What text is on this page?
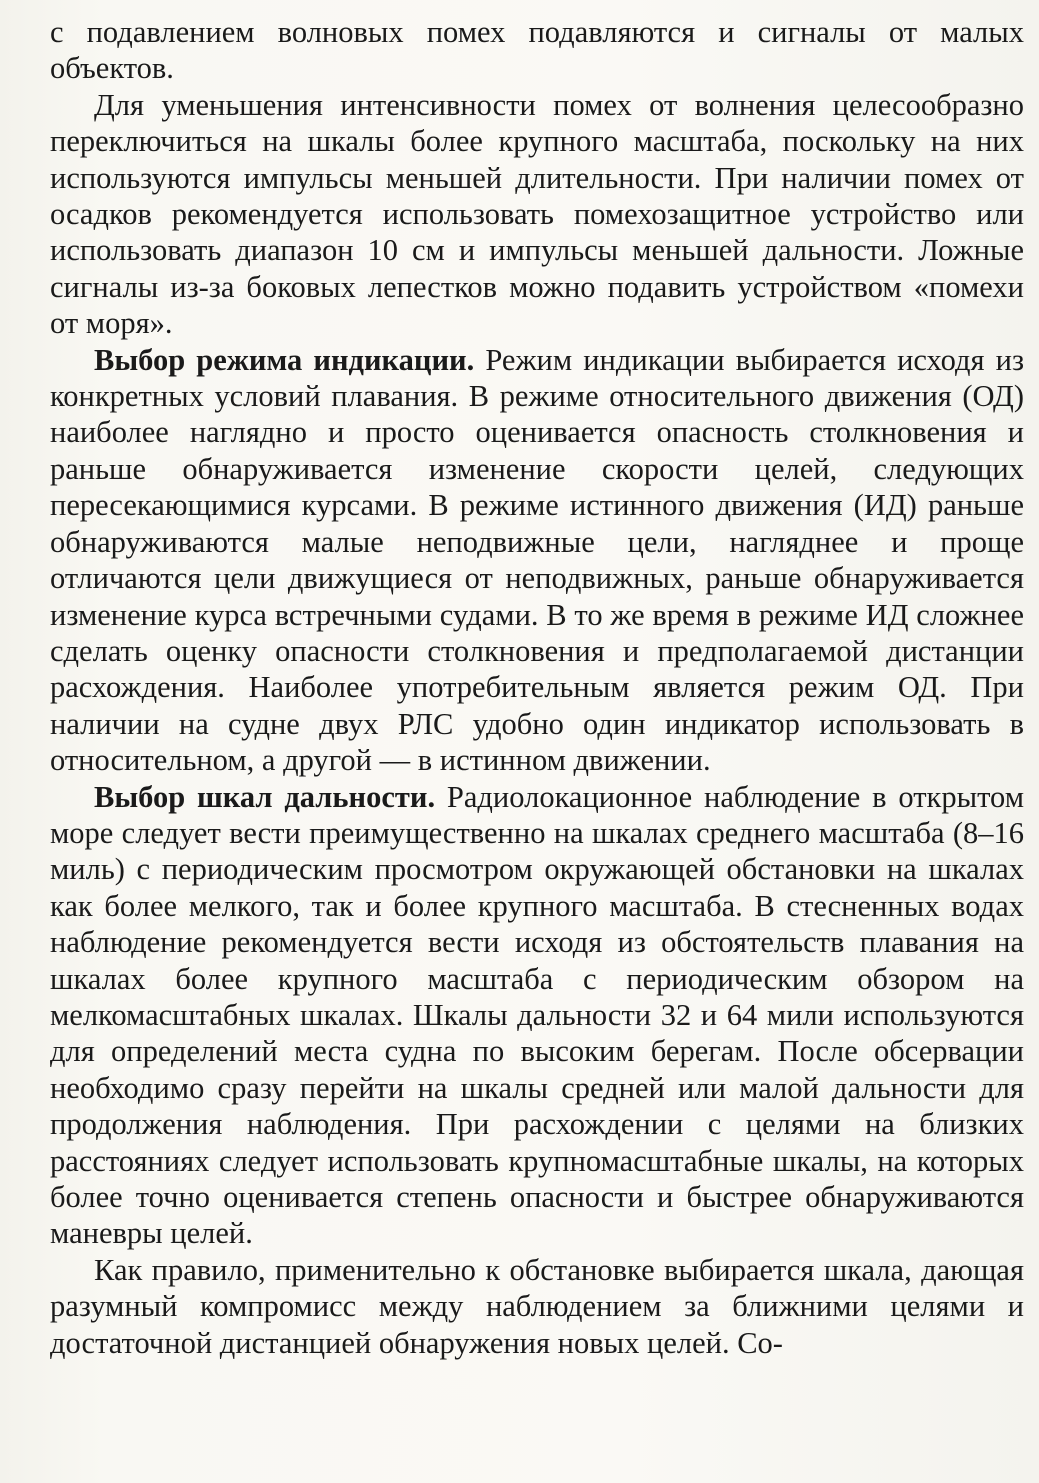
с подавлением волновых помех подавляются и сигналы от малых объектов.

Для уменьшения интенсивности помех от волнения целесообразно переключиться на шкалы более крупного масштаба, поскольку на них используются импульсы меньшей длительности. При наличии помех от осадков рекомендуется использовать помехозащитное устройство или использовать диапазон 10 см и импульсы меньшей дальности. Ложные сигналы из-за боковых лепестков можно подавить устройством «помехи от моря».

Выбор режима индикации. Режим индикации выбирается исходя из конкретных условий плавания. В режиме относительного движения (ОД) наиболее наглядно и просто оценивается опасность столкновения и раньше обнаруживается изменение скорости целей, следующих пересекающимися курсами. В режиме истинного движения (ИД) раньше обнаруживаются малые неподвижные цели, нагляднее и проще отличаются цели движущиеся от неподвижных, раньше обнаруживается изменение курса встречными судами. В то же время в режиме ИД сложнее сделать оценку опасности столкновения и предполагаемой дистанции расхождения. Наиболее употребительным является режим ОД. При наличии на судне двух РЛС удобно один индикатор использовать в относительном, а другой — в истинном движении.

Выбор шкал дальности. Радиолокационное наблюдение в открытом море следует вести преимущественно на шкалах среднего масштаба (8–16 миль) с периодическим просмотром окружающей обстановки на шкалах как более мелкого, так и более крупного масштаба. В стесненных водах наблюдение рекомендуется вести исходя из обстоятельств плавания на шкалах более крупного масштаба с периодическим обзором на мелкомасштабных шкалах. Шкалы дальности 32 и 64 мили используются для определений места судна по высоким берегам. После обсервации необходимо сразу перейти на шкалы средней или малой дальности для продолжения наблюдения. При расхождении с целями на близких расстояниях следует использовать крупномасштабные шкалы, на которых более точно оценивается степень опасности и быстрее обнаруживаются маневры целей.

Как правило, применительно к обстановке выбирается шкала, дающая разумный компромисс между наблюдением за ближними целями и достаточной дистанцией обнаружения новых целей. Со-
